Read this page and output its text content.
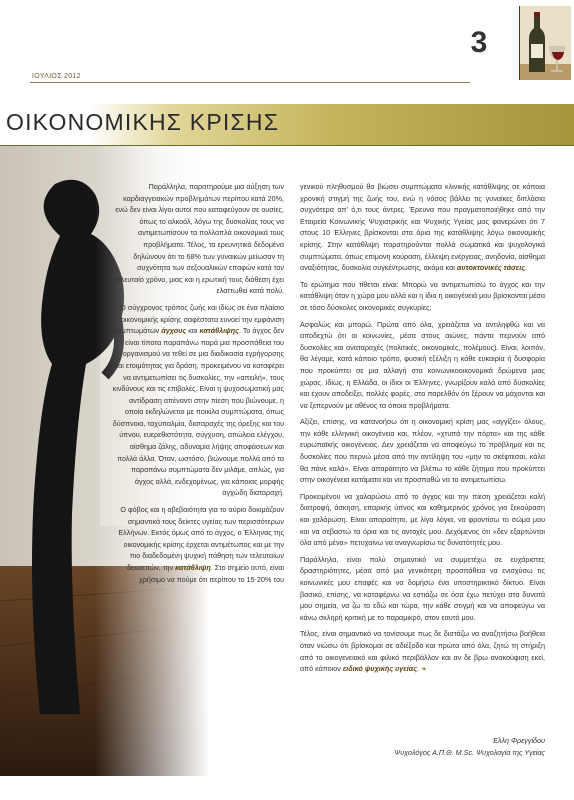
ΙΟΥΛΙΟΣ 2012
3
ΟΙΚΟΝΟΜΙΚΗΣ ΚΡΙΣΗΣ

Παράλληλα, παρατηρούμε μια αύξηση των καρδιαγγειακών προβλημάτων περίπου κατά 20%, ενώ δεν είναι λίγοι αυτοί που καταφεύγουν σε ουσίες, όπως το αλκοόλ, λόγω της δυσκολίας τους να αντιμετωπίσουν τα πολλαπλά οικονομικά τους προβλήματα. Τέλος, τα ερευνητικά δεδομένα δηλώνουν ότι το 68% των γυναικών μείωσαν τη συχνότητα των σεξουαλικών επαφών κατά τον τελευταίο χρόνο, μιας και η ερωτική τους διάθεση έχει ελαττωθεί κατά πολύ.

Ο σύγχρονος τρόπος ζωής και ιδίως σε ένα πλαίσιο οικονομικής κρίσης σαφέστατα ευνοεί την εμφάνιση συμπτωμάτων άγχους και κατάθλιψης. Το άγχος δεν είναι τίποτα παραπάνω παρά μια προσπάθεια του οργανισμού να τεθεί σε μια διαδικασία εγρήγορσης και ετοιμότητας για δράση, προκειμένου να καταφέρει να αντιμετωπίσει τις δυσκολίες, την «απειλή», τους κινδύνους και τις επιβολές. Είναι η ψυχοσωματική μας αντίδραση απέναντι στην πίεση που βιώνουμε, η οποία εκδηλώνεται με ποικίλα συμπτώματα, όπως δύσπνοια, ταχυπαλμία, διαταραχές της όρεξης και του ύπνου, ευερεθιστότητα, σύγχυση, απώλεια ελέγχου, αίσθημα ζάλης, αδυναμία λήψης αποφάσεων και πολλά άλλα. Όταν, ωστόσο, βιώνουμε πολλά από τα παραπάνω συμπτώματα δεν μιλάμε, απλώς, για άγχος αλλά, ενδεχομένως, για κάποιας μορφής αγχώδη διαταραχή.

Ο φόβος και η αβεβαιότητα για το αύριο δοκιμάζουν σημαντικά τους δείκτες υγείας των περισσότερων Ελλήνων. Εκτός όμως από το άγχος, ο Έλληνας της οικονομικής κρίσης έρχεται αντιμέτωπος και με την πιο διαδεδομένη ψυχική πάθηση των τελευταίων δεκαετιών, την κατάθλιψη. Στο σημείο αυτό, είναι χρήσιμο να πούμε ότι περίπου το 15-20% του

γενικού πληθυσμού θα βιώσει συμπτώματα κλινικής κατάθλιψης σε κάποια χρονική στιγμή της ζωής του, ενώ η νόσος βάλλει τις γυναίκες διπλάσια συχνότερα απ' ό,τι τους άντρες. Έρευνα που πραγματοποιήθηκε από την Εταιρεία Κοινωνικής Ψυχιατρικής και Ψυχικής Υγείας μας φανερώνει ότι 7 στους 10 Έλληνες βρίσκονται στα όρια της κατάθλιψης λόγω οικονομικής κρίσης. Στην κατάθλιψη παρατηρούνται πολλά σωματικά και ψυχολογικά συμπτώματα, όπως επίμονη κούραση, έλλειψη ενέργειας, ανηδονία, αίσθημα αναξιότητας, δυσκολία συγκέντρωσης, ακόμα και αυτοκτονικές τάσεις.

Το ερώτημα που τίθεται είναι: Μπορώ να αντιμετωπίσω το άγχος και την κατάθλιψη όταν η χώρα μου αλλά και η ίδια η οικογένειά μου βρίσκονται μέσα σε τόσο δύσκολες οικονομικές συγκυρίες;

Ασφαλώς και μπορώ. Πρώτα από όλα, χρειάζεται να αντιληφθώ και να αποδεχτώ ότι οι κοινωνίες, μέσα στους αιώνες, πάντα περνούν από δυσκολίες και αναταραχές (πολιτικές, οικονομικές, πολέμους). Είναι, λοιπόν, θα λέγαμε, κατά κάποιο τρόπο, φυσική εξέλιξη η κάθε ευκαιρία ή δυσφορία που προκύπτει σε μια αλλαγή στα κοινωνικοοικονομικά δρώμενα μιας χώρας. Ιδίως, η Ελλάδα, οι ίδιοι οι Έλληνες, γνωρίζουν καλά από δυσκολίες και έχουν αποδείξει, πολλές φορές, στο παρελθόν ότι ξέρουν να μάχονται και να ξεπερνούν με αθένος τα όποια προβλήματα.

Αξίζει, επίσης, να κατανοήσω ότι η οικονομική κρίση μας «αγγίζει» όλους, την κάθε ελληνική οικογένεια και, πλέον, «χτυπά την πόρτα» και της κάθε ευρωπαϊκής οικογένειας. Δεν χρειάζεται να αποφεύγω το πρόβλημα και τις δυσκολίες που περνώ μέσα από την αντίληψη του «μην το σκέφτεσαι, κάλα θα πάνε καλά». Είναι απαραίτητο να βλέπω το κάθε ζήτημα που προκύπτει στην οικογένεια κατάματα και να προσπαθώ να το αντιμετωπίσω.

Προκειμένου να χαλαρώσω από το άγχος και την πίεση χρειάζεται καλή διατροφή, άσκηση, επαρκής ύπνος και καθημερινός χρόνος για ξεκούραση και χαλάρωση. Είναι απαραίτητο, με λίγα λόγια, να φροντίσω το σώμα μου και να σεβαστώ τα όρια και τις αντοχές μου. Δεχόμενος ότι «δεν εξαρτώνται όλα από μένα» πετυχαίνω να αναγνωρίσω τις δυνατότητές μου.

Παράλληλα, είναι πολύ σημαντικό να συμμετέχω σε ευχάριστες δραστηριότητες, μέσα από μια γενικότερη προσπάθεια να ενισχύσω τις κοινωνικές μου επαφές και να δομήσω ένα υποστηρικτικό δίκτυο. Είναι βασικό, επίσης, να καταφέρνω να εστιάζω σε όσα έχω πετύχει στα δυνατά μου σημεία, να ζω το εδώ και τώρα, την κάθε στιγμή και να αποφεύγω να κάνω σκληρή κριτική με το παραμικρό, στον εαυτό μου.

Τέλος, είναι σημαντικό να τονίσουμε πως δε διστάζω να αναζητήσω βοήθεια όταν νιώσω ότι βρίσκομαι σε αδιέξοδο και πρώτα από όλα, ζητώ τη στήριξη από το οικογενειακό και φιλικό περιβάλλον και αν δε βρω ανακούφιση εκεί, από κάποιον ειδικό ψυχικής υγείας. ❧

Έλλη Φρεγγίδου
Ψυχολόγος Α.Π.Θ. M.Sc. Ψυχολογία της Υγείας
